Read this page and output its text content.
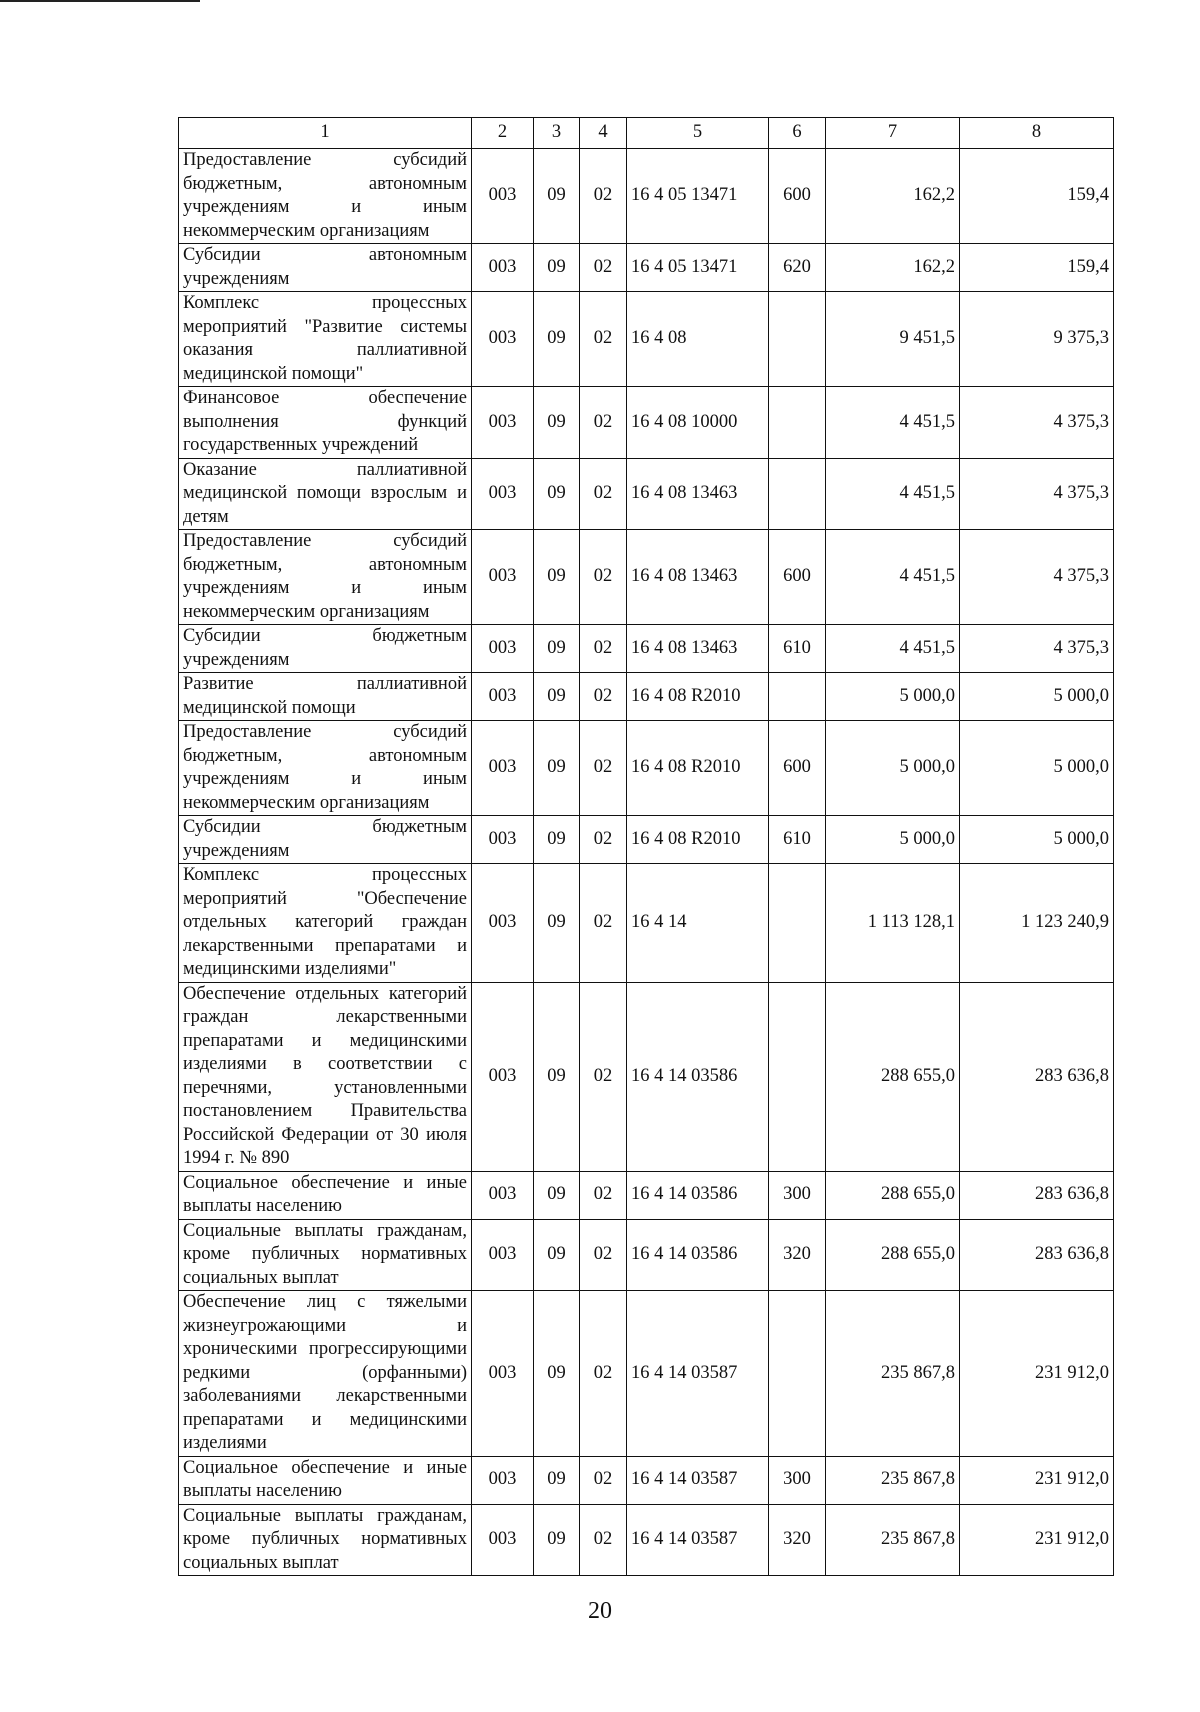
1	2	3	4	5	6	7	8
Предоставление субсидий бюджетным, автономным учреждениям и иным некоммерческим организациям	003	09	02	16 4 05 13471	600	162,2	159,4
Субсидии автономным учреждениям	003	09	02	16 4 05 13471	620	162,2	159,4
Комплекс процессных мероприятий "Развитие системы оказания паллиативной медицинской помощи"	003	09	02	16 4 08		9 451,5	9 375,3
Финансовое обеспечение выполнения функций государственных учреждений	003	09	02	16 4 08 10000		4 451,5	4 375,3
Оказание паллиативной медицинской помощи взрослым и детям	003	09	02	16 4 08 13463		4 451,5	4 375,3
Предоставление субсидий бюджетным, автономным учреждениям и иным некоммерческим организациям	003	09	02	16 4 08 13463	600	4 451,5	4 375,3
Субсидии бюджетным учреждениям	003	09	02	16 4 08 13463	610	4 451,5	4 375,3
Развитие паллиативной медицинской помощи	003	09	02	16 4 08 R2010		5 000,0	5 000,0
Предоставление субсидий бюджетным, автономным учреждениям и иным некоммерческим организациям	003	09	02	16 4 08 R2010	600	5 000,0	5 000,0
Субсидии бюджетным учреждениям	003	09	02	16 4 08 R2010	610	5 000,0	5 000,0
Комплекс процессных мероприятий "Обеспечение отдельных категорий граждан лекарственными препаратами и медицинскими изделиями"	003	09	02	16 4 14		1 113 128,1	1 123 240,9
Обеспечение отдельных категорий граждан лекарственными препаратами и медицинскими изделиями в соответствии с перечнями, установленными постановлением Правительства Российской Федерации от 30 июля 1994 г. № 890	003	09	02	16 4 14 03586		288 655,0	283 636,8
Социальное обеспечение и иные выплаты населению	003	09	02	16 4 14 03586	300	288 655,0	283 636,8
Социальные выплаты гражданам, кроме публичных нормативных социальных выплат	003	09	02	16 4 14 03586	320	288 655,0	283 636,8
Обеспечение лиц с тяжелыми жизнеугрожающими и хроническими прогрессирующими редкими (орфанными) заболеваниями лекарственными препаратами и медицинскими изделиями	003	09	02	16 4 14 03587		235 867,8	231 912,0
Социальное обеспечение и иные выплаты населению	003	09	02	16 4 14 03587	300	235 867,8	231 912,0
Социальные выплаты гражданам, кроме публичных нормативных социальных выплат	003	09	02	16 4 14 03587	320	235 867,8	231 912,0
20
